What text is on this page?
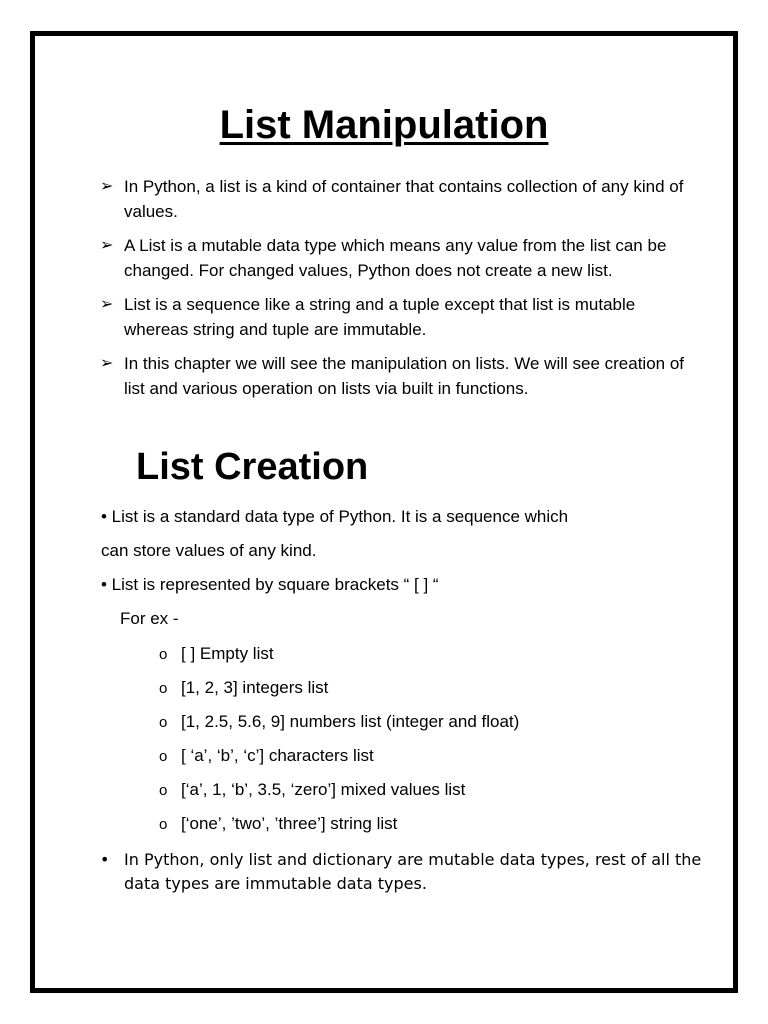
List Manipulation
➢ In Python, a list is a kind of container that contains collection of any kind of values.
➢ A List is a mutable data type which means any value from the list can be changed. For changed values, Python does not create a new list.
➢ List is a sequence like a string and a tuple except that list is mutable whereas string and tuple are immutable.
➢ In this chapter we will see the manipulation on lists. We will see creation of list and various operation on lists via built in functions.
List Creation
• List is a standard data type of Python. It is a sequence which
can store values of any kind.
• List is represented by square brackets “ [ ] “
For ex -
o [ ] Empty list
o [1, 2, 3] integers list
o [1, 2.5, 5.6, 9] numbers list (integer and float)
o [ ‘a’, ‘b’, ‘c’] characters list
o [‘a’, 1, ‘b’, 3.5, ‘zero’] mixed values list
o [‘one’, ’two’, ’three’] string list
• In Python, only list and dictionary are mutable data types, rest of all the data types are immutable data types.
